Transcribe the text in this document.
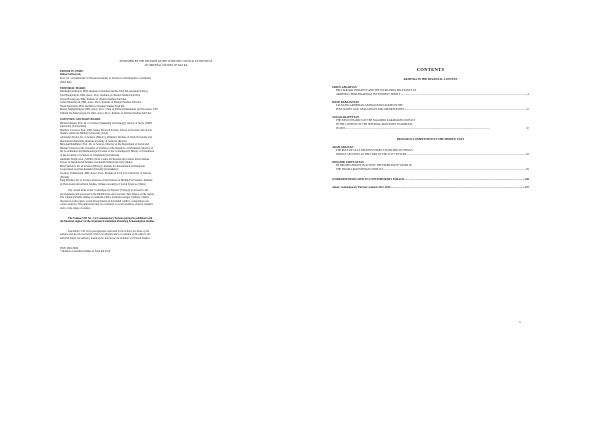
PUBLISHED BY THE DECISION OF THE SCIENTIFIC COUNCIL OF INSTITUTE
OF ORIENTAL STUDIES OF NAS RA
EDITOR IN CHIEF:
Ruben Safrastyan,
Prof., Dr., Academician of National Academy of Sciences of the Republic of Armenia,
(NAS RA)
EDITORIAL BOARD:
Mushegh Ghahriyan, PhD, Institute of Oriental Studies NAS RA (Assistant Editor)
Lilit Harutyunyan, PhD, Assoc. Prof., Institute of Oriental Studies NAS RA
Levon Hovsepyan, PhD, Institute of Oriental Studies NAS RA
Gohar Iskandaryan, PhD, Assoc. Prof., Institute of Oriental Studies NAS RA
Narek Nersisyan, PhD, Institute of Oriental Studies NAS RA
Mones Nagharmanyan, PhD, Assoc. Prof., Chair of Political Institutions and Processes, YSU
Vahram Ter-Matevosyan, Dr. Phil., Assoc. Prof., Institute of Oriental Studies NAS RA
SCIENTIFIC ADVISORY BOARD:
Michael Akerib, Prof. Dr. of Science (Marketing and Strategy), Rector of Swiss UMEF
University (Switzerland)
Matthew Crosston, Prof., PhD, Senior Doctoral Faculty, School of Security and Global
Studies, American Military University (USA)
Alexander Krylov, Dr. of Science (History), Primakov Institute of World Economy and
International Relations, Russian Academy of Sciences (Russia)
Mirzokid Rakhimov, Prof., Dr. of Science, Director of the Department of Social and
Human Sciences of the Academy of Sciences of the Republic of Uzbekistan, Director of
the Coordination and Methodological Center of the Contemporary History of Uzbekistan
of the Academy of Sciences of Uzbekistan (Uzbekistan)
Anshuilla Singh, M.A., M.Phil., Ph.D. Centre for Russian and Central Asian Studies,
School of International Studies, Jawaharlal Nehru University (India)
Bulat Sultanov, Dr. of Science (History), Institute for International and Regional
Cooperation, German-Kazakh University (Kazakhstan)
Jaroslaw Turlukowski, PhD, Assoc. Prof., Institute of Civil Law University of Warsaw
(Poland)
Tang Zhichao, Dr. of Science, Director of the Division of Middle East Studies, Institute
of West-Asian and African Studies, Chinese Academy of Social Sciences (China)
The current issue of the "Contemporary Eurasia" (VIII (2)) is devoted to the
developments and processes in the Middle East and Caucasus, their impact on the region.
The volume includes studies on Armenia-China, Armenia-Georgia relations, China's
interests in Gulf region, recent developments in Karabakh conflict, competition over
water resources. The publication may be of interest to social scientists, experts, students
and to wide range of readers.
The Volume VIII No. 2 of Contemporary Eurasia journal is published with
the financial support of the Armenian Foundation Financing Armenological Studies.
Disclaimer: The views and opinions expressed in the articles are those of the
authors and do not necessarily reflect the official policy or position of the editors, the
editorial board, the advisory board of the Journal or the Institute of Oriental Studies.
ISSN 1829-3948
©Institute of Oriental Studies of NAS RA 2019
CONTENTS
ARMENIA IN THE REGIONAL CONTEXT
SAREN ABGARYAN
BELT & ROAD INITIATIVE AND THE INCREASING RELEVANCE OF
ARMENIA-CHINA BILATERAL INVESTMENT TREATY .....	4
MANE BABAJANYAN
TACKLING ARMENIAN-GEORGIAN RELATIONS IN THE
POST-SOVIET AGE: CHALLENGES AND OPPORTUNITIES .....	21
ANNA KARAPETYAN
THE NEW DYNAMICS OF THE NAGORNO KARABAKH CONFLICT
IN THE CONTEXT OF THE INTERNAL PROCESSES IN ARMENIA
IN 2018 .....	47
RESOURCE COMPETITION IN THE MIDDLE EAST
ARAM ABAJYAN
THE ROLE OF GULF REGION'S ENERGY SUPPLIERS IN CHINA'S
ENERGY SECURITY AT THE TURN OF THE 21ST CENTURY .....	62
SHOGHIK TADEVOSYAN
HYDRO-HEGEMONY IN ACTION: THE PROBLEM OF WATER IN
THE ISRAELI-PALESTINIAN CONFLICT .....	82
WORKSHOP DEDICATED TO CONTEMPORARY EURASIA .....	106
Annex. Contemporary Eurasia: contents 2012–2019 .....	107
3
